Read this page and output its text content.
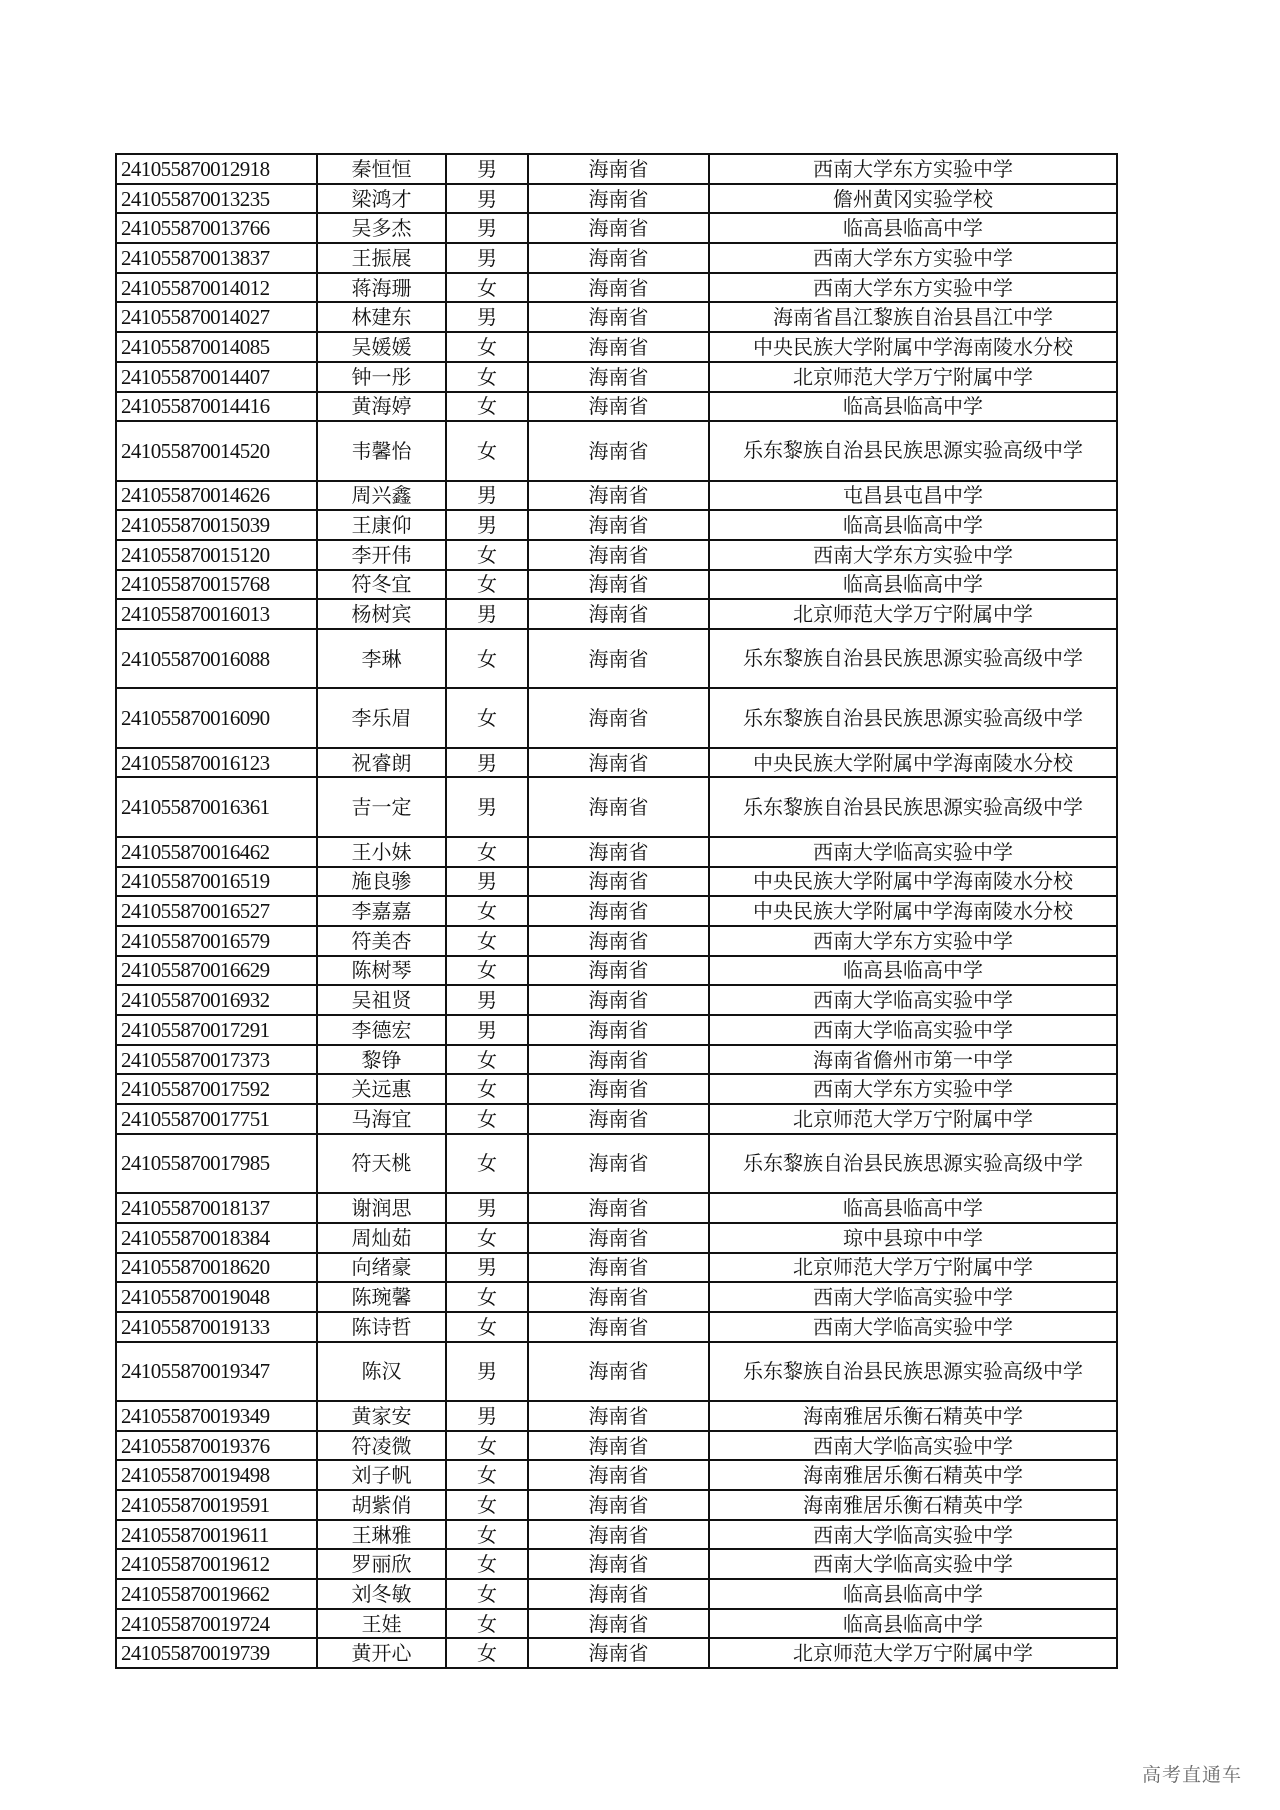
241055870012918	秦恒恒	男	海南省	西南大学东方实验中学
241055870013235	梁鸿才	男	海南省	儋州黄冈实验学校
241055870013766	吴多杰	男	海南省	临高县临高中学
241055870013837	王振展	男	海南省	西南大学东方实验中学
241055870014012	蒋海珊	女	海南省	西南大学东方实验中学
241055870014027	林建东	男	海南省	海南省昌江黎族自治县昌江中学
241055870014085	吴媛媛	女	海南省	中央民族大学附属中学海南陵水分校
241055870014407	钟一彤	女	海南省	北京师范大学万宁附属中学
241055870014416	黄海婷	女	海南省	临高县临高中学
241055870014520	韦馨怡	女	海南省	乐东黎族自治县民族思源实验高级中学
241055870014626	周兴鑫	男	海南省	屯昌县屯昌中学
241055870015039	王康仰	男	海南省	临高县临高中学
241055870015120	李开伟	女	海南省	西南大学东方实验中学
241055870015768	符冬宜	女	海南省	临高县临高中学
241055870016013	杨树宾	男	海南省	北京师范大学万宁附属中学
241055870016088	李琳	女	海南省	乐东黎族自治县民族思源实验高级中学
241055870016090	李乐眉	女	海南省	乐东黎族自治县民族思源实验高级中学
241055870016123	祝睿朗	男	海南省	中央民族大学附属中学海南陵水分校
241055870016361	吉一定	男	海南省	乐东黎族自治县民族思源实验高级中学
241055870016462	王小妹	女	海南省	西南大学临高实验中学
241055870016519	施良骖	男	海南省	中央民族大学附属中学海南陵水分校
241055870016527	李嘉嘉	女	海南省	中央民族大学附属中学海南陵水分校
241055870016579	符美杏	女	海南省	西南大学东方实验中学
241055870016629	陈树琴	女	海南省	临高县临高中学
241055870016932	吴祖贤	男	海南省	西南大学临高实验中学
241055870017291	李德宏	男	海南省	西南大学临高实验中学
241055870017373	黎铮	女	海南省	海南省儋州市第一中学
241055870017592	关远惠	女	海南省	西南大学东方实验中学
241055870017751	马海宜	女	海南省	北京师范大学万宁附属中学
241055870017985	符天桃	女	海南省	乐东黎族自治县民族思源实验高级中学
241055870018137	谢润思	男	海南省	临高县临高中学
241055870018384	周灿茹	女	海南省	琼中县琼中中学
241055870018620	向绪豪	男	海南省	北京师范大学万宁附属中学
241055870019048	陈琬馨	女	海南省	西南大学临高实验中学
241055870019133	陈诗哲	女	海南省	西南大学临高实验中学
241055870019347	陈汉	男	海南省	乐东黎族自治县民族思源实验高级中学
241055870019349	黄家安	男	海南省	海南雅居乐衡石精英中学
241055870019376	符凌微	女	海南省	西南大学临高实验中学
241055870019498	刘子帆	女	海南省	海南雅居乐衡石精英中学
241055870019591	胡紫俏	女	海南省	海南雅居乐衡石精英中学
241055870019611	王琳雅	女	海南省	西南大学临高实验中学
241055870019612	罗丽欣	女	海南省	西南大学临高实验中学
241055870019662	刘冬敏	女	海南省	临高县临高中学
241055870019724	王娃	女	海南省	临高县临高中学
241055870019739	黄开心	女	海南省	北京师范大学万宁附属中学
高考直通车
